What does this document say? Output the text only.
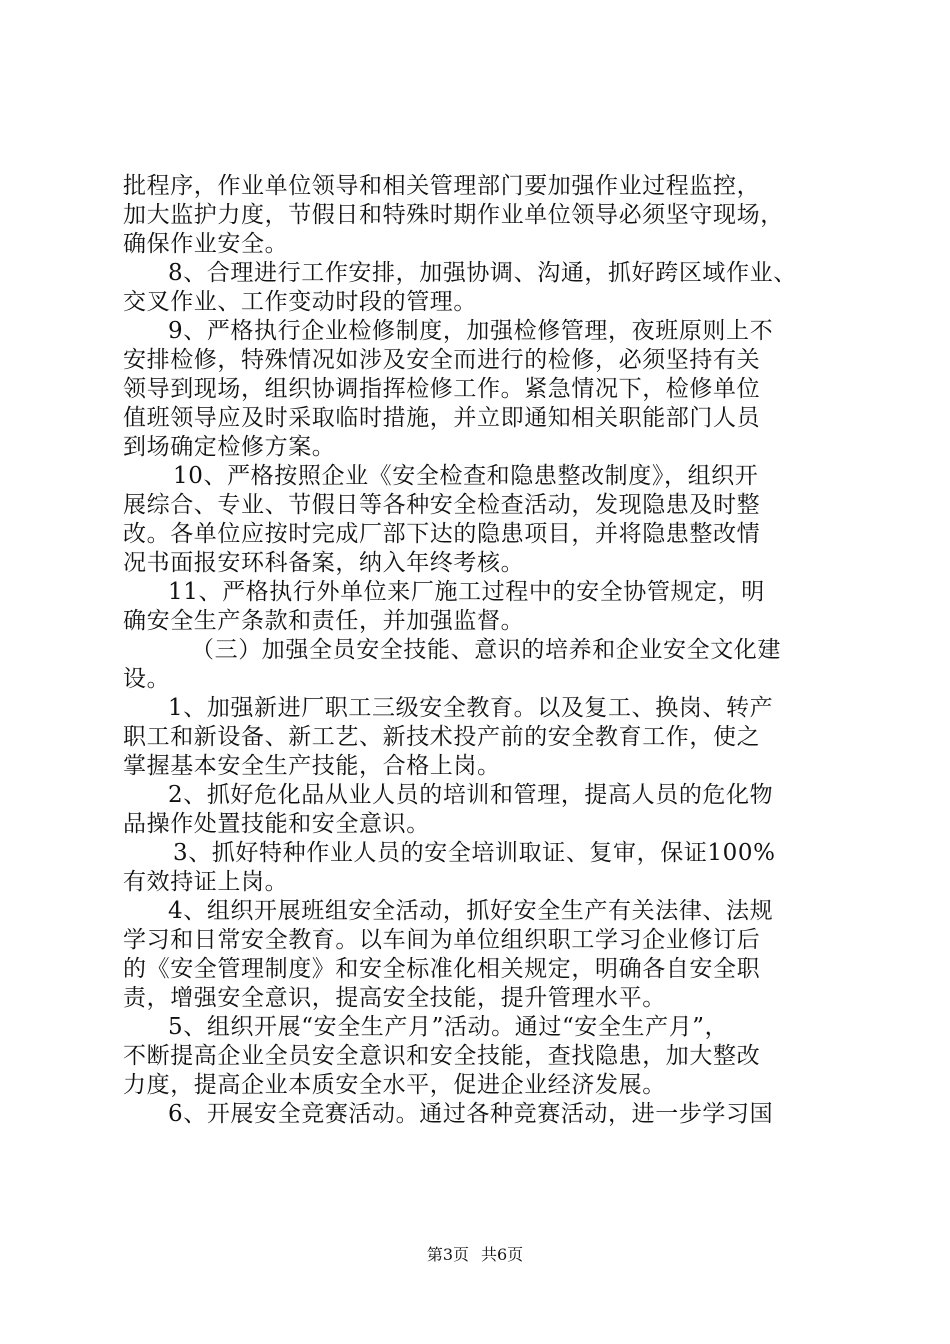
批程序，作业单位领导和相关管理部门要加强作业过程监控，
加大监护力度，节假日和特殊时期作业单位领导必须坚守现场，
确保作业安全。
8、合理进行工作安排，加强协调、沟通，抓好跨区域作业、
交叉作业、工作变动时段的管理。
9、严格执行企业检修制度，加强检修管理，夜班原则上不
安排检修，特殊情况如涉及安全而进行的检修，必须坚持有关
领导到现场，组织协调指挥检修工作。紧急情况下，检修单位
值班领导应及时采取临时措施，并立即通知相关职能部门人员
到场确定检修方案。
10、严格按照企业《安全检查和隐患整改制度》，组织开
展综合、专业、节假日等各种安全检查活动，发现隐患及时整
改。各单位应按时完成厂部下达的隐患项目，并将隐患整改情
况书面报安环科备案，纳入年终考核。
11、严格执行外单位来厂施工过程中的安全协管规定，明
确安全生产条款和责任，并加强监督。
（三）加强全员安全技能、意识的培养和企业安全文化建
设。
1、加强新进厂职工三级安全教育。以及复工、换岗、转产
职工和新设备、新工艺、新技术投产前的安全教育工作，使之
掌握基本安全生产技能，合格上岗。
2、抓好危化品从业人员的培训和管理，提高人员的危化物
品操作处置技能和安全意识。
3、抓好特种作业人员的安全培训取证、复审，保证100%
有效持证上岗。
4、组织开展班组安全活动，抓好安全生产有关法律、法规
学习和日常安全教育。以车间为单位组织职工学习企业修订后
的《安全管理制度》和安全标准化相关规定，明确各自安全职
责，增强安全意识，提高安全技能，提升管理水平。
5、组织开展“安全生产月”活动。通过“安全生产月”，
不断提高企业全员安全意识和安全技能，查找隐患，加大整改
力度，提高企业本质安全水平，促进企业经济发展。
6、开展安全竞赛活动。通过各种竞赛活动，进一步学习国
第3页 共6页
